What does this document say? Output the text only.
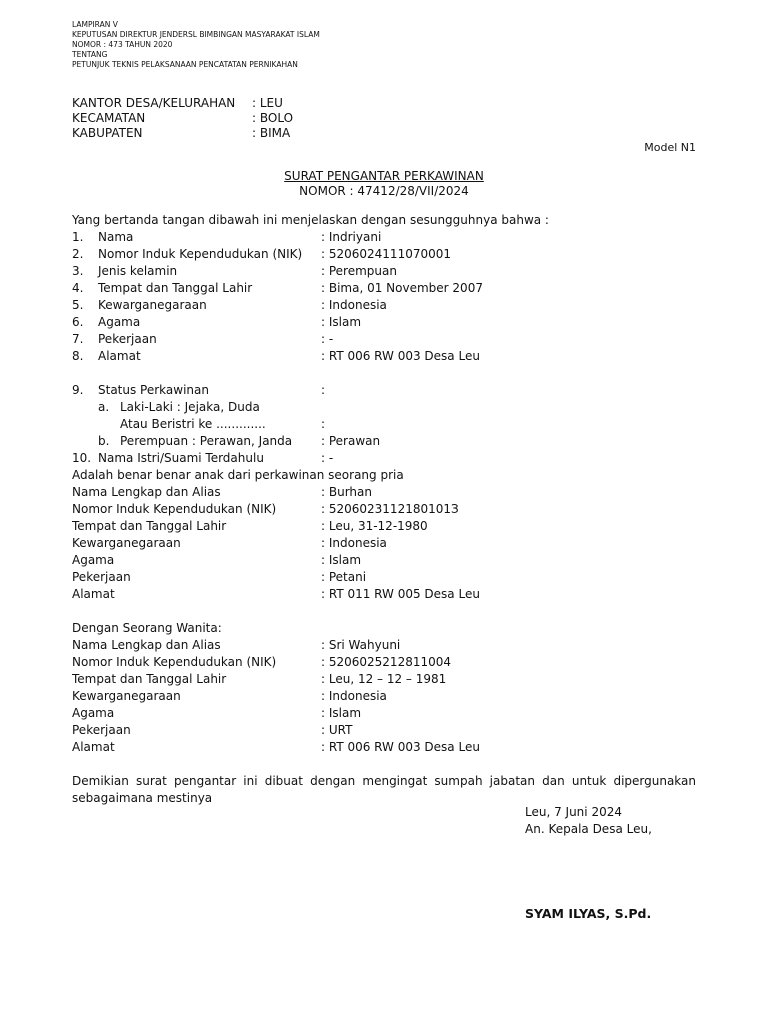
LAMPIRAN V
KEPUTUSAN DIREKTUR JENDERSL BIMBINGAN MASYARAKAT ISLAM
NOMOR : 473 TAHUN 2020
TENTANG
PETUNJUK TEKNIS PELAKSANAAN PENCATATAN PERNIKAHAN
KANTOR DESA/KELURAHAN : LEU
KECAMATAN	: BOLO
KABUPATEN	: BIMA
Model N1
SURAT PENGANTAR PERKAWINAN
NOMOR : 47412/28/VII/2024
Yang bertanda tangan dibawah ini menjelaskan dengan sesungguhnya bahwa :
1. Nama	: Indriyani
2. Nomor Induk Kependudukan (NIK) : 5206024111070001
3. Jenis kelamin	: Perempuan
4. Tempat dan Tanggal Lahir	: Bima, 01 November 2007
5. Kewarganegaraan	: Indonesia
6. Agama	: Islam
7. Pekerjaan	: -
8. Alamat	: RT 006 RW 003 Desa Leu
9. Status Perkawinan	:
a. Laki-Laki : Jejaka, Duda
Atau Beristri ke .............	:
b. Perempuan : Perawan, Janda : Perawan
10. Nama Istri/Suami Terdahulu	: -
Adalah benar benar anak dari perkawinan seorang pria
Nama Lengkap dan Alias	: Burhan
Nomor Induk Kependudukan (NIK)	: 5206023112180101З
Tempat dan Tanggal Lahir	: Leu, 31-12-1980
Kewarganegaraan	: Indonesia
Agama	: Islam
Pekerjaan	: Petani
Alamat	: RT 011 RW 005 Desa Leu
Dengan Seorang Wanita:
Nama Lengkap dan Alias	: Sri Wahyuni
Nomor Induk Kependudukan (NIK)	: 5206025212811004
Tempat dan Tanggal Lahir	: Leu, 12 – 12 – 1981
Kewarganegaraan	: Indonesia
Agama	: Islam
Pekerjaan	: URT
Alamat	: RT 006 RW 003 Desa Leu
Demikian surat pengantar ini dibuat dengan mengingat sumpah jabatan dan untuk dipergunakan sebagaimana mestinya
Leu, 7 Juni 2024
An. Kepala Desa Leu,
SYAM ILYAS, S.Pd.
